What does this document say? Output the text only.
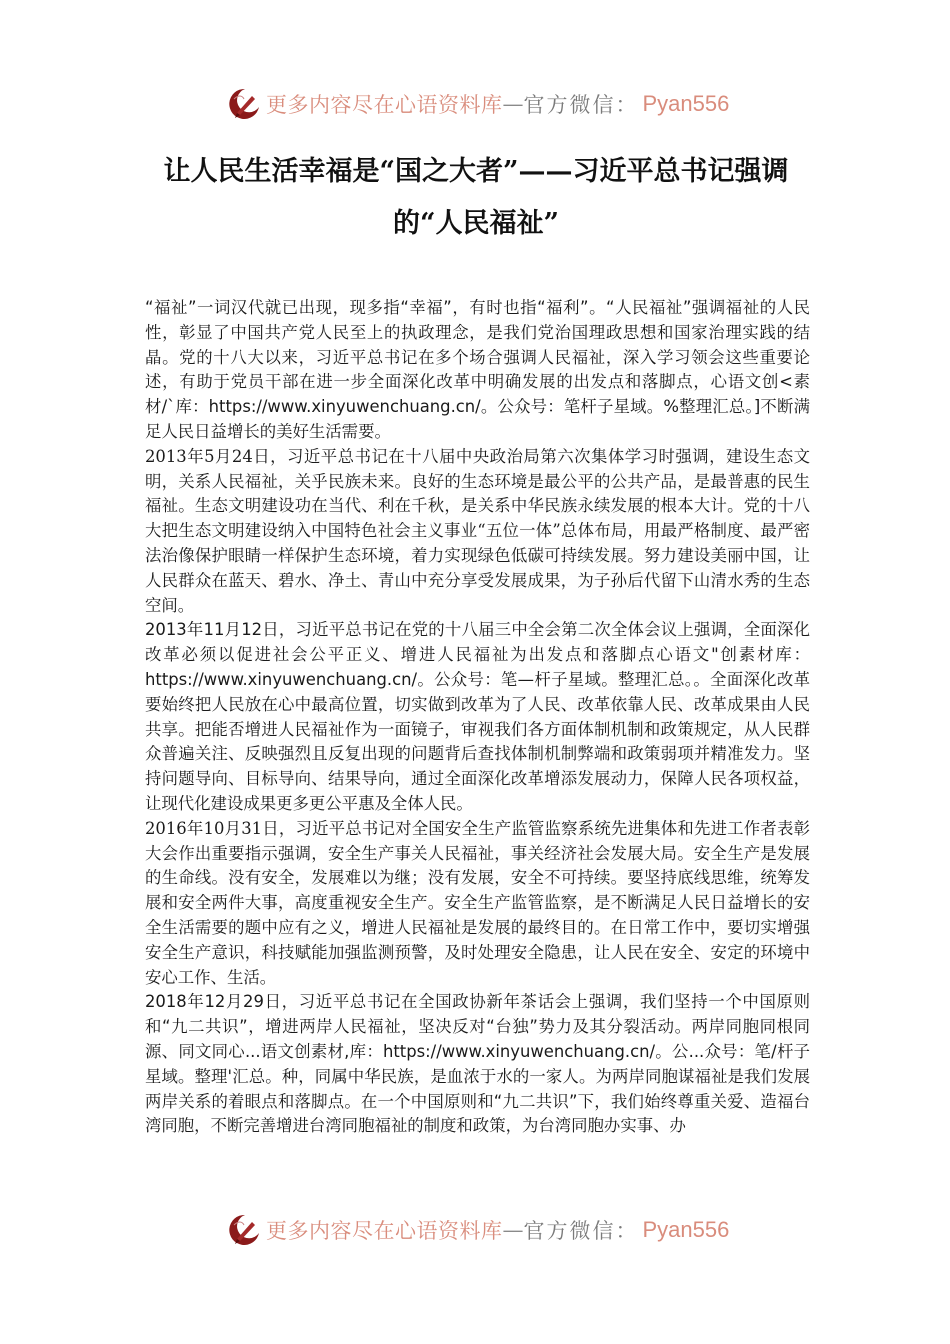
更多内容尽在心语资料库 — 官方微信： Pyan556
让人民生活幸福是“国之大者”——习近平总书记强调的“人民福祉”

“福祉”一词汉代就已出现，现多指“幸福”，有时也指“福利”。“人民福祉”强调福祉的人民性，彰显了中国共产党人民至上的执政理念，是我们党治国理政思想和国家治理实践的结晶。党的十八大以来，习近平总书记在多个场合强调人民福祉，深入学习领会这些重要论述，有助于党员干部在进一步全面深化改革中明确发展的出发点和落脚点，心语文创<素材/`库：https://www.xinyuwenchuang.cn/。公众号：笔杆子星域。%整理汇总。]不断满足人民日益增长的美好生活需要。

2013年5月24日，习近平总书记在十八届中央政治局第六次集体学习时强调，建设生态文明，关系人民福祉，关乎民族未来。良好的生态环境是最公平的公共产品，是最普惠的民生福祉。生态文明建设功在当代、利在千秋，是关系中华民族永续发展的根本大计。党的十八大把生态文明建设纳入中国特色社会主义事业“五位一体”总体布局，用最严格制度、最严密法治像保护眼睛一样保护生态环境，着力实现绿色低碳可持续发展。努力建设美丽中国，让人民群众在蓝天、碧水、净土、青山中充分享受发展成果，为子孙后代留下山清水秀的生态空间。

2013年11月12日，习近平总书记在党的十八届三中全会第二次全体会议上强调，全面深化改革必须以促进社会公平正义、增进人民福祉为出发点和落脚点心语文"创素材库：https://www.xinyuwenchuang.cn/。公众号：笔—杆子星域。整理汇总。。全面深化改革要始终把人民放在心中最高位置，切实做到改革为了人民、改革依靠人民、改革成果由人民共享。把能否增进人民福祉作为一面镜子，审视我们各方面体制机制和政策规定，从人民群众普遍关注、反映强烈且反复出现的问题背后查找体制机制弊端和政策弱项并精准发力。坚持问题导向、目标导向、结果导向，通过全面深化改革增添发展动力，保障人民各项权益，让现代化建设成果更多更公平惠及全体人民。

2016年10月31日，习近平总书记对全国安全生产监管监察系统先进集体和先进工作者表彰大会作出重要指示强调，安全生产事关人民福祉，事关经济社会发展大局。安全生产是发展的生命线。没有安全，发展难以为继；没有发展，安全不可持续。要坚持底线思维，统筹发展和安全两件大事，高度重视安全生产。安全生产监管监察，是不断满足人民日益增长的安全生活需要的题中应有之义，增进人民福祉是发展的最终目的。在日常工作中，要切实增强安全生产意识，科技赋能加强监测预警，及时处理安全隐患，让人民在安全、安定的环境中安心工作、生活。

2018年12月29日，习近平总书记在全国政协新年茶话会上强调，我们坚持一个中国原则和“九二共识”，增进两岸人民福祉，坚决反对“台独”势力及其分裂活动。两岸同胞同根同源、同文同心...语文创素材,库：https://www.xinyuwenchuang.cn/。公...众号：笔/杆子星域。整理'汇总。种，同属中华民族，是血浓于水的一家人。为两岸同胞谋福祉是我们发展两岸关系的着眼点和落脚点。在一个中国原则和“九二共识”下，我们始终尊重关爱、造福台湾同胞，不断完善增进台湾同胞福祉的制度和政策，为台湾同胞办实事、办

更多内容尽在心语资料库 — 官方微信： Pyan556
